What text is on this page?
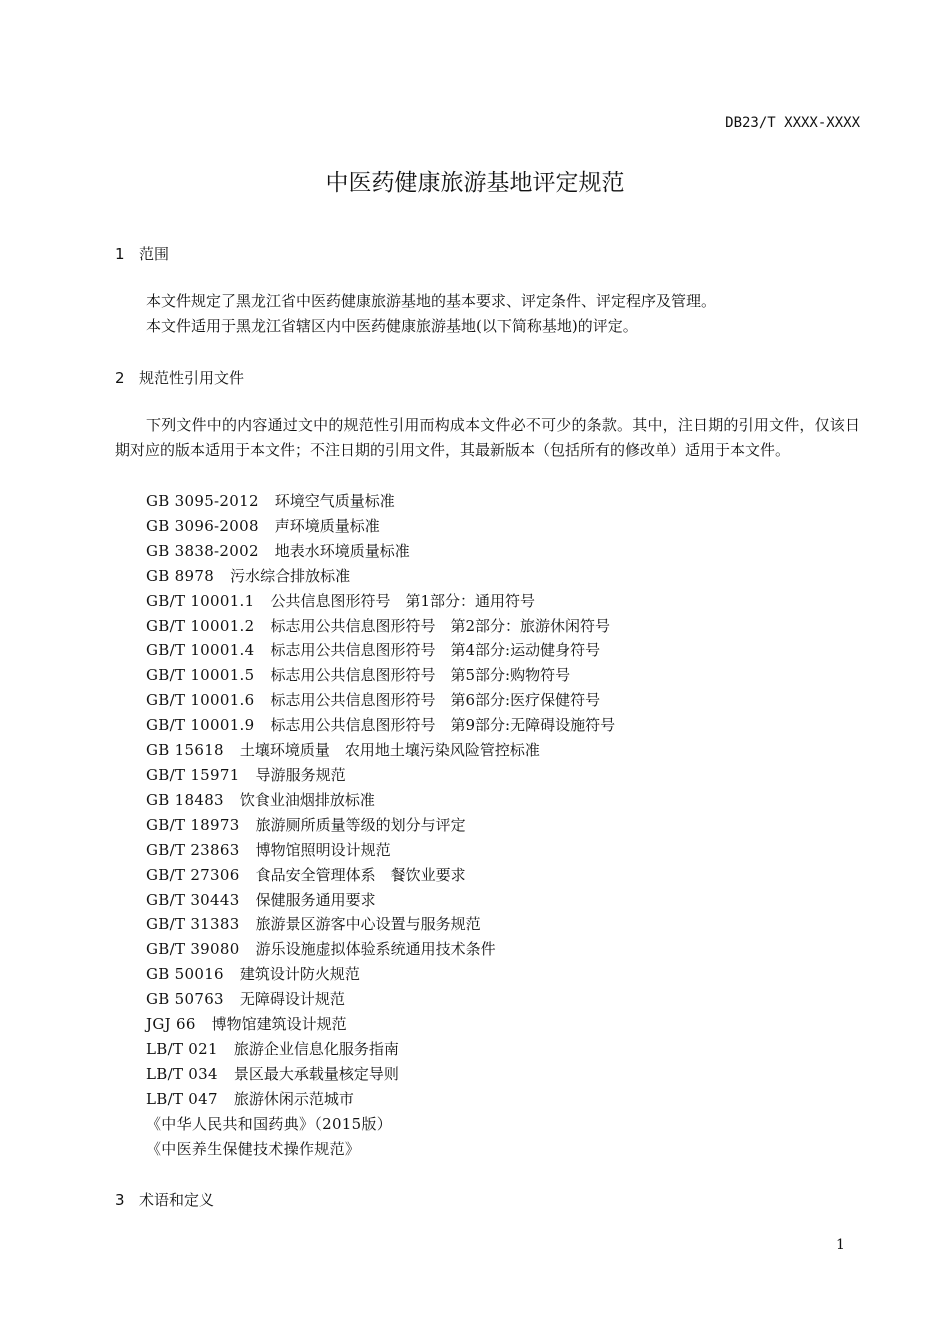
DB23/T XXXX-XXXX
中医药健康旅游基地评定规范
1 范围
本文件规定了黑龙江省中医药健康旅游基地的基本要求、评定条件、评定程序及管理。
本文件适用于黑龙江省辖区内中医药健康旅游基地(以下简称基地)的评定。
2 规范性引用文件
下列文件中的内容通过文中的规范性引用而构成本文件必不可少的条款。其中，注日期的引用文件，仅该日期对应的版本适用于本文件；不注日期的引用文件，其最新版本（包括所有的修改单）适用于本文件。
GB 3095-2012 环境空气质量标准
GB 3096-2008 声环境质量标准
GB 3838-2002 地表水环境质量标准
GB 8978 污水综合排放标准
GB/T 10001.1 公共信息图形符号　第1部分：通用符号
GB/T 10001.2 标志用公共信息图形符号　第2部分：旅游休闲符号
GB/T 10001.4 标志用公共信息图形符号　第4部分:运动健身符号
GB/T 10001.5 标志用公共信息图形符号　第5部分:购物符号
GB/T 10001.6 标志用公共信息图形符号　第6部分:医疗保健符号
GB/T 10001.9 标志用公共信息图形符号　第9部分:无障碍设施符号
GB 15618 土壤环境质量　农用地土壤污染风险管控标准
GB/T 15971 导游服务规范
GB 18483 饮食业油烟排放标准
GB/T 18973 旅游厕所质量等级的划分与评定
GB/T 23863 博物馆照明设计规范
GB/T 27306 食品安全管理体系　餐饮业要求
GB/T 30443 保健服务通用要求
GB/T 31383 旅游景区游客中心设置与服务规范
GB/T 39080 游乐设施虚拟体验系统通用技术条件
GB 50016 建筑设计防火规范
GB 50763 无障碍设计规范
JGJ 66 博物馆建筑设计规范
LB/T 021 旅游企业信息化服务指南
LB/T 034 景区最大承载量核定导则
LB/T 047 旅游休闲示范城市
《中华人民共和国药典》（2015版）
《中医养生保健技术操作规范》
3 术语和定义
1
